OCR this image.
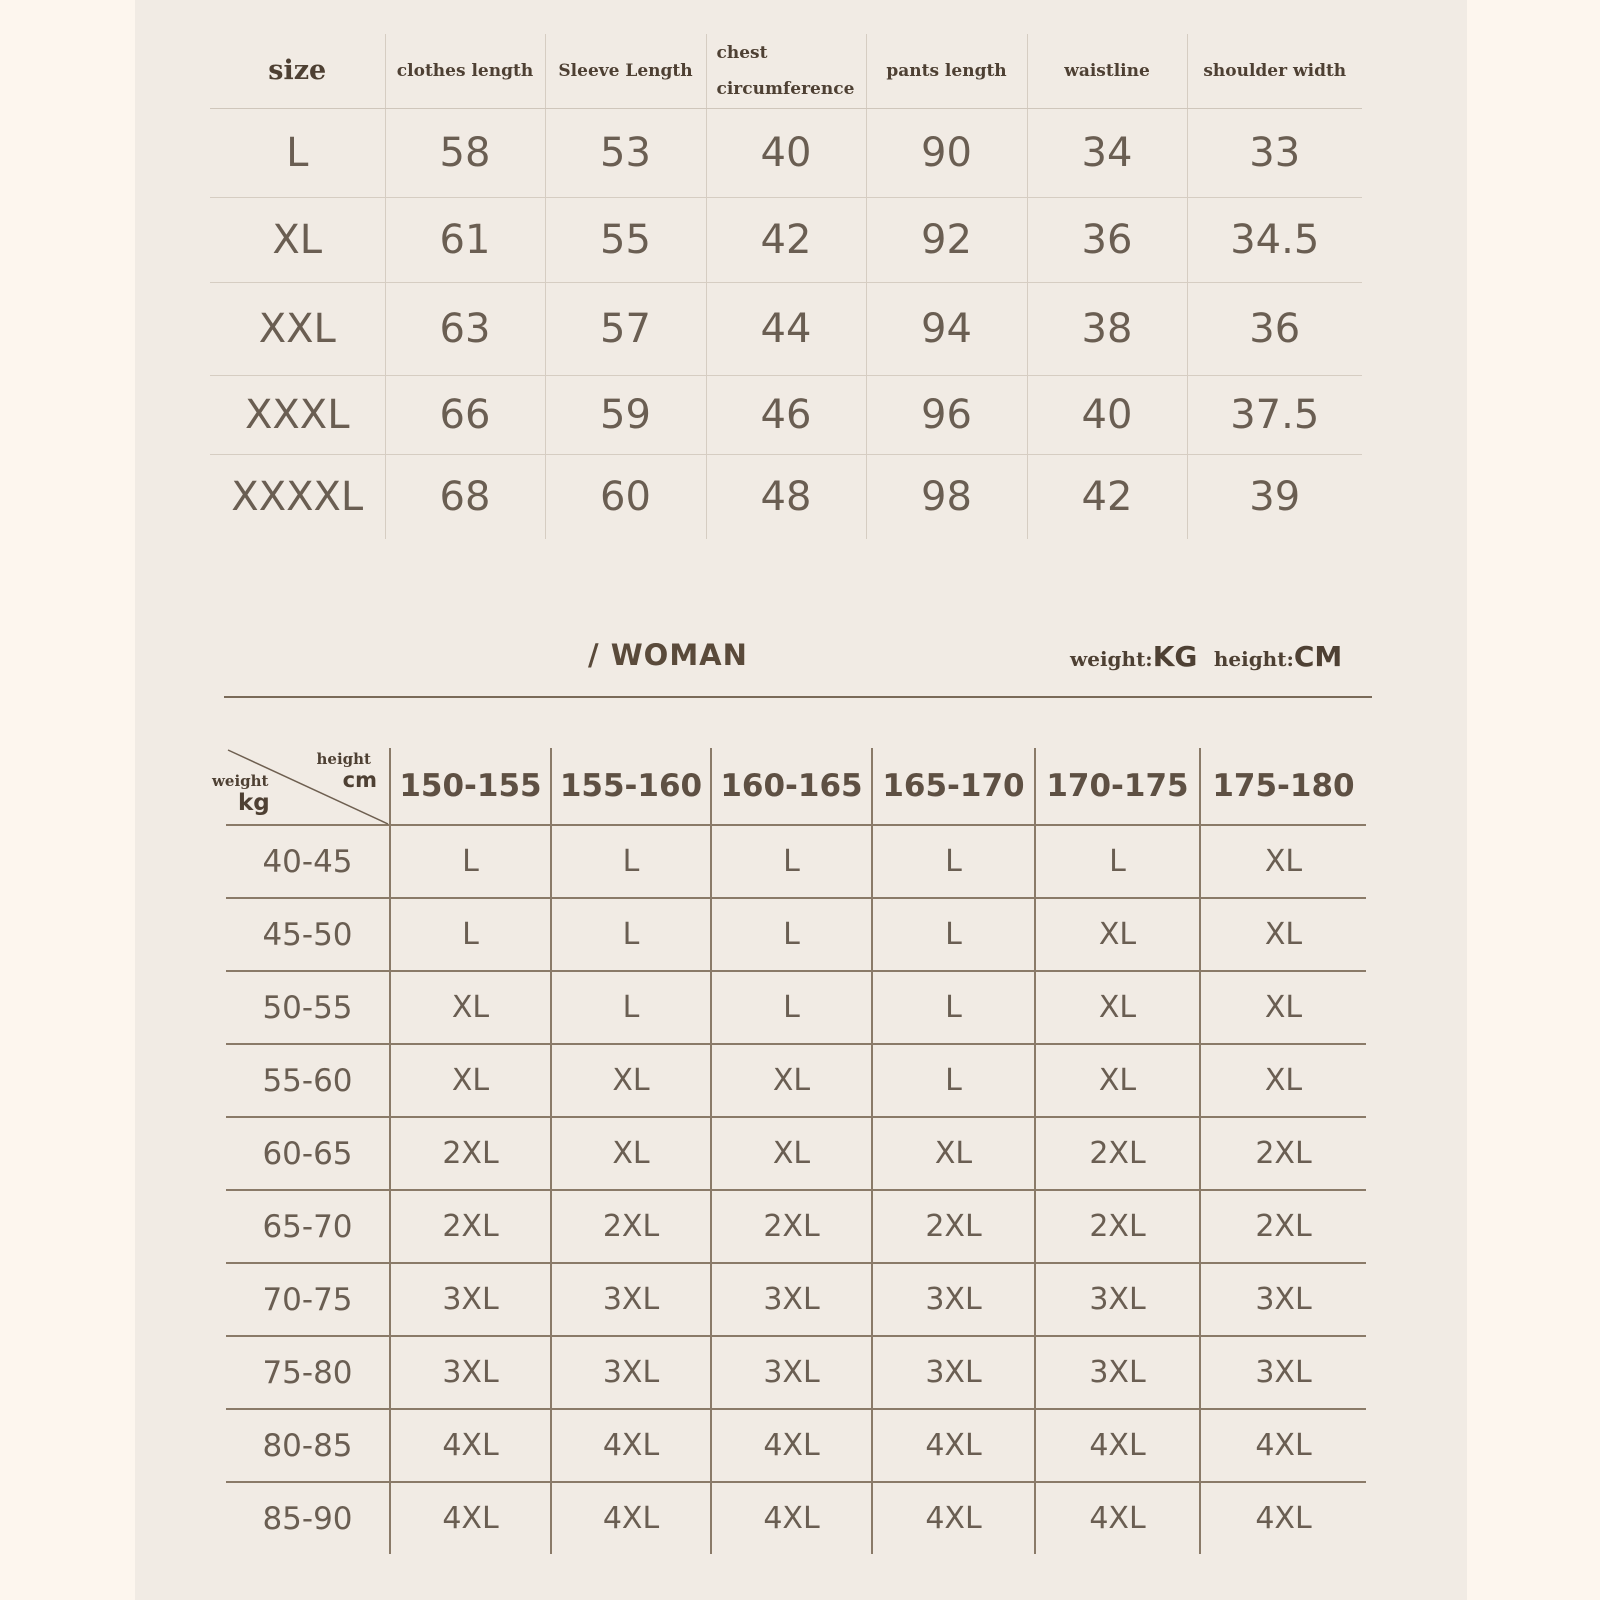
size	clothes length	Sleeve Length	chest circumference	pants length	waistline	shoulder width
L	58	53	40	90	34	33
XL	61	55	42	92	36	34.5
XXL	63	57	44	94	38	36
XXXL	66	59	46	96	40	37.5
XXXXL	68	60	48	98	42	39
/ WOMAN	weight:KG height:CM
height
cm
weight
kg	150-155	155-160	160-165	165-170	170-175	175-180
40-45	L	L	L	L	L	XL
45-50	L	L	L	L	XL	XL
50-55	XL	L	L	L	XL	XL
55-60	XL	XL	XL	L	XL	XL
60-65	2XL	XL	XL	XL	2XL	2XL
65-70	2XL	2XL	2XL	2XL	2XL	2XL
70-75	3XL	3XL	3XL	3XL	3XL	3XL
75-80	3XL	3XL	3XL	3XL	3XL	3XL
80-85	4XL	4XL	4XL	4XL	4XL	4XL
85-90	4XL	4XL	4XL	4XL	4XL	4XL
